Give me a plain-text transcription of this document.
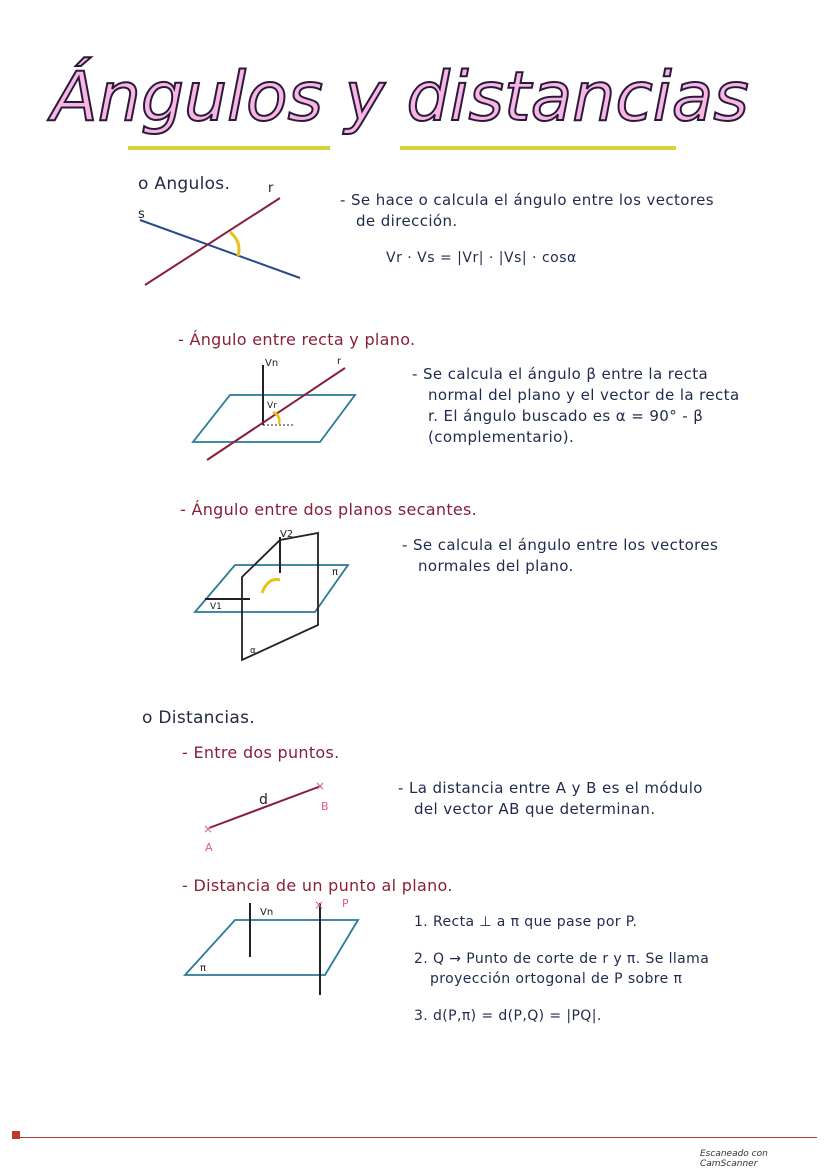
Ángulos y distancias
o Angulos.	r
s
- Se hace o calcula el ángulo entre los vectores
de dirección.
Vr · Vs = |Vr| · |Vs| · cosα
- Ángulo entre recta y plano.
Vn
Vr
r
- Se calcula el ángulo β entre la recta
normal del plano y el vector de la recta
r. El ángulo buscado es α = 90° - β
(complementario).
- Ángulo entre dos planos secantes.
V2
V1
π
α
- Se calcula el ángulo entre los vectores
normales del plano.
o Distancias.
- Entre dos puntos.
×
×
A
B
d
- La distancia entre A y B es el módulo
del vector AB que determinan.
- Distancia de un punto al plano.
×
Vn
P
π
1. Recta ⊥ a π que pase por P.
2. Q → Punto de corte de r y π. Se llama
proyección ortogonal de P sobre π
3. d(P,π) = d(P,Q) = |PQ|.
Escaneado con CamScanner
